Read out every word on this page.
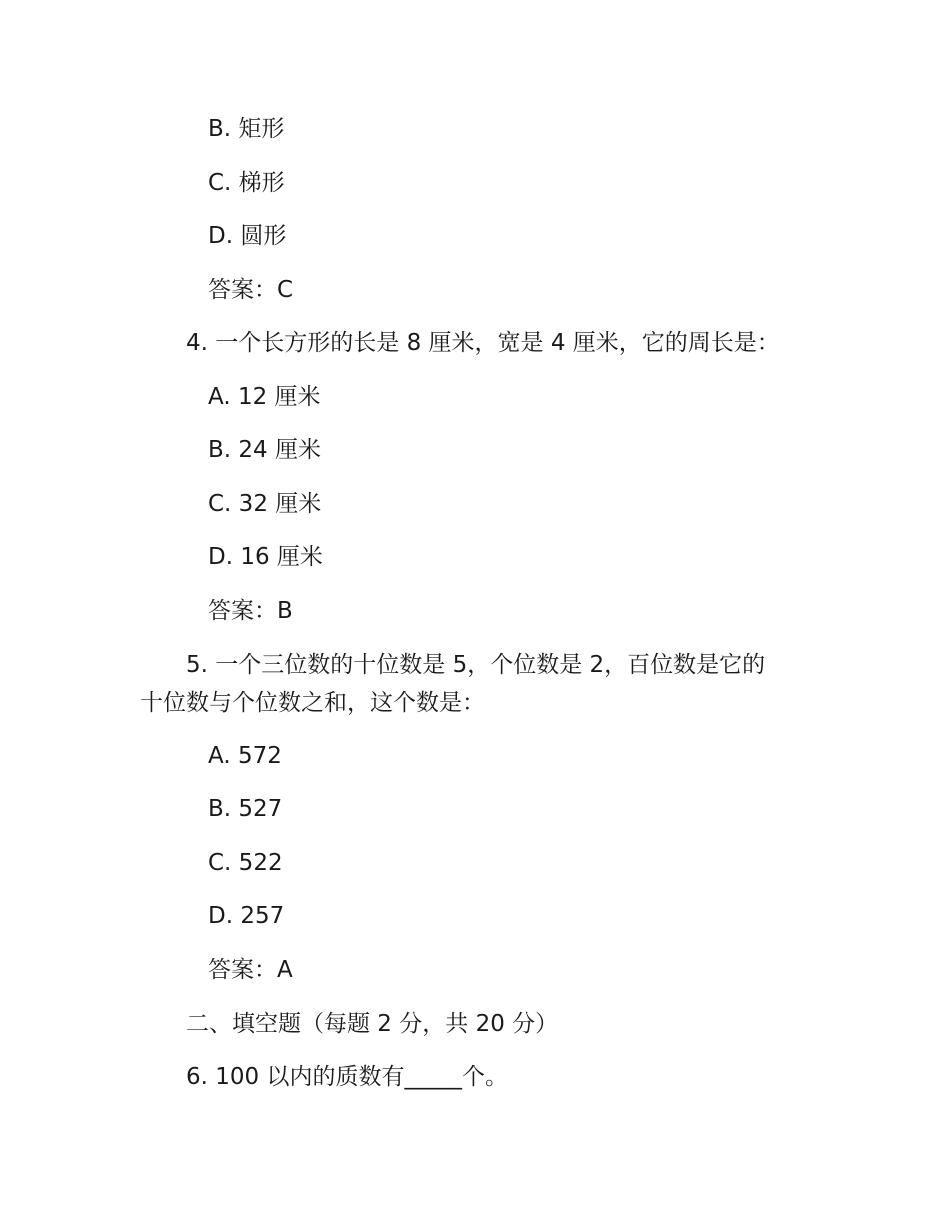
B. 矩形
C. 梯形
D. 圆形
答案：C
4. 一个长方形的长是 8 厘米，宽是 4 厘米，它的周长是：
A. 12 厘米
B. 24 厘米
C. 32 厘米
D. 16 厘米
答案：B
5. 一个三位数的十位数是 5，个位数是 2，百位数是它的
十位数与个位数之和，这个数是：
A. 572
B. 527
C. 522
D. 257
答案：A
二、填空题（每题 2 分，共 20 分）
6. 100 以内的质数有_____个。
